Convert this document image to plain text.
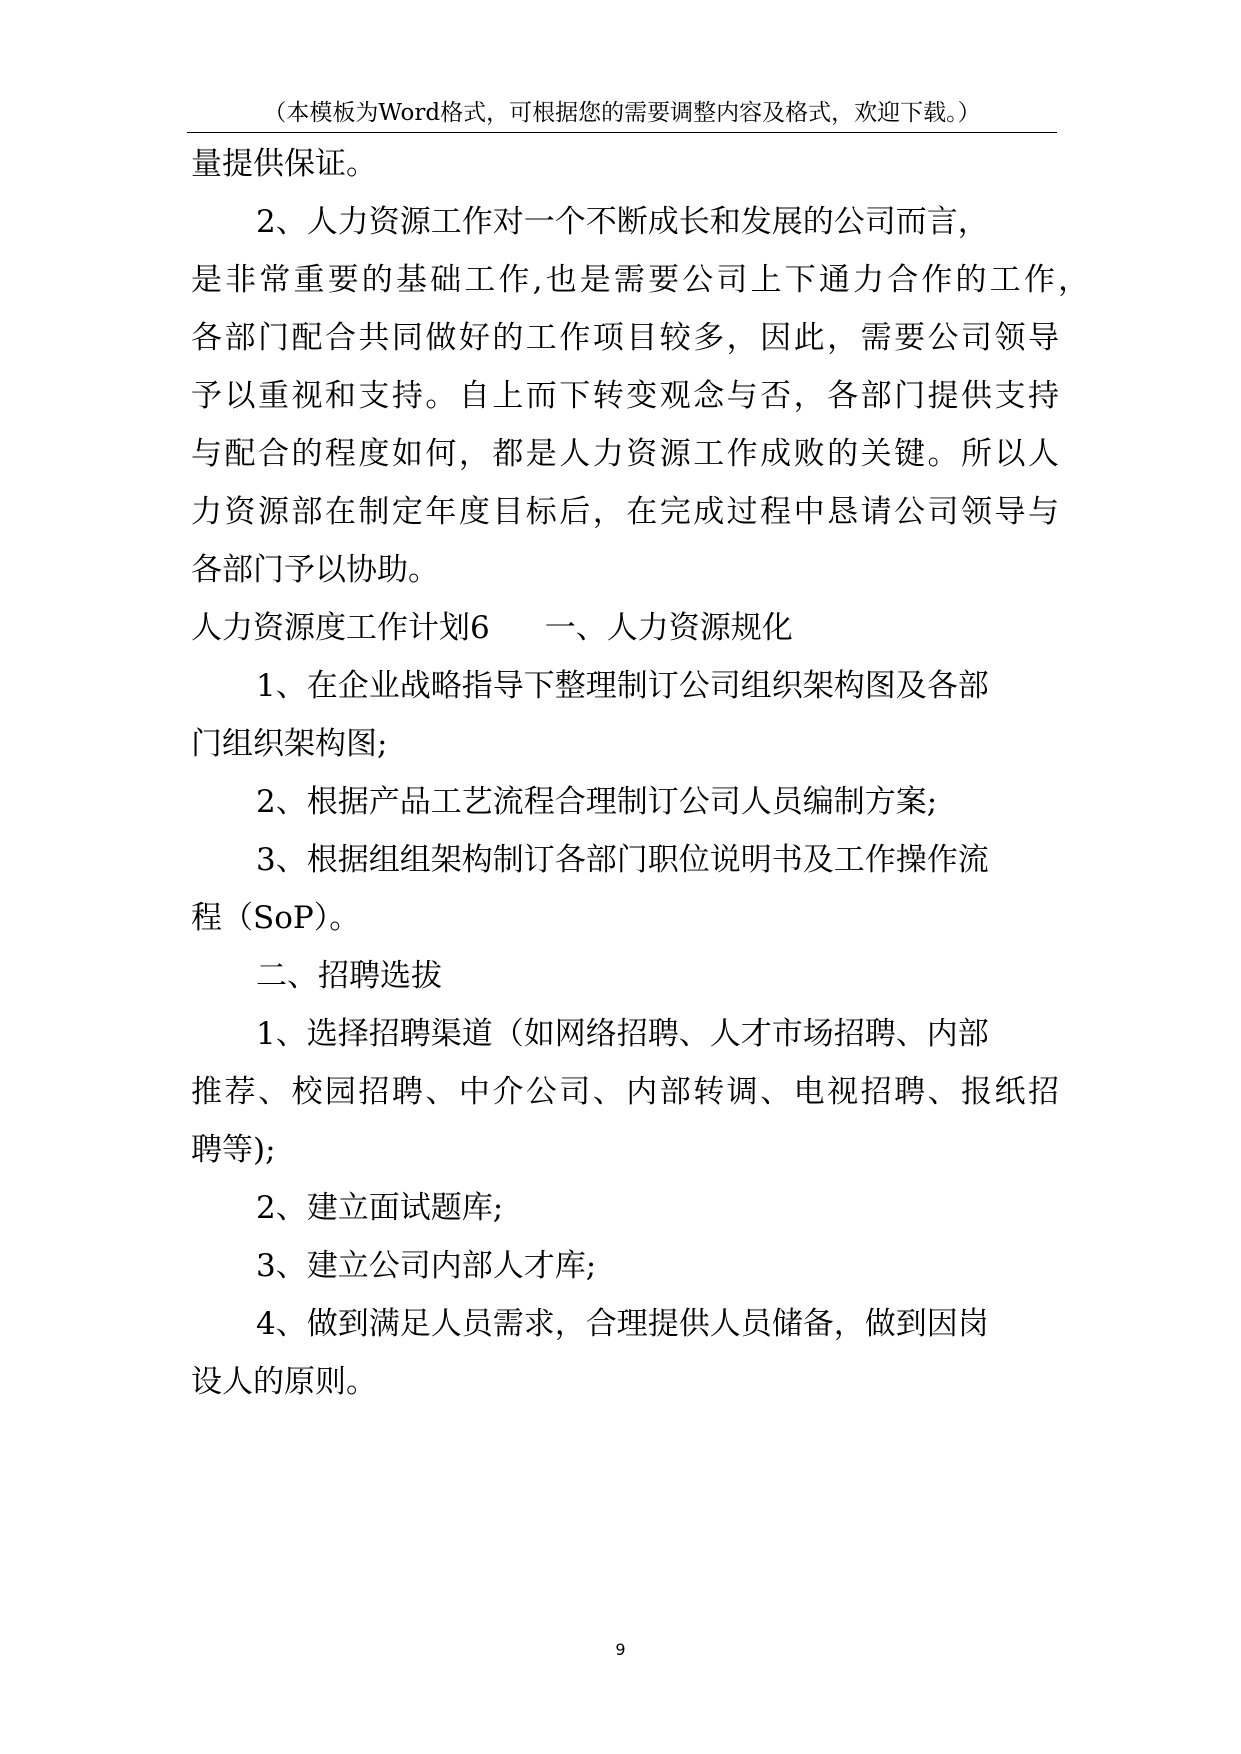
（本模板为Word格式，可根据您的需要调整内容及格式，欢迎下载。）
量提供保证。
2、人力资源工作对一个不断成长和发展的公司而言，
是非常重要的基础工作,也是需要公司上下通力合作的工作，
各部门配合共同做好的工作项目较多，因此，需要公司领导
予以重视和支持。自上而下转变观念与否，各部门提供支持
与配合的程度如何，都是人力资源工作成败的关键。所以人
力资源部在制定年度目标后，在完成过程中恳请公司领导与
各部门予以协助。
人力资源度工作计划6 一、人力资源规化
1、在企业战略指导下整理制订公司组织架构图及各部
门组织架构图;
2、根据产品工艺流程合理制订公司人员编制方案;
3、根据组组架构制订各部门职位说明书及工作操作流
程（SoP）。
二、招聘选拔
1、选择招聘渠道（如网络招聘、人才市场招聘、内部
推荐、校园招聘、中介公司、内部转调、电视招聘、报纸招
聘等);
2、建立面试题库;
3、建立公司内部人才库;
4、做到满足人员需求，合理提供人员储备，做到因岗
设人的原则。
9
